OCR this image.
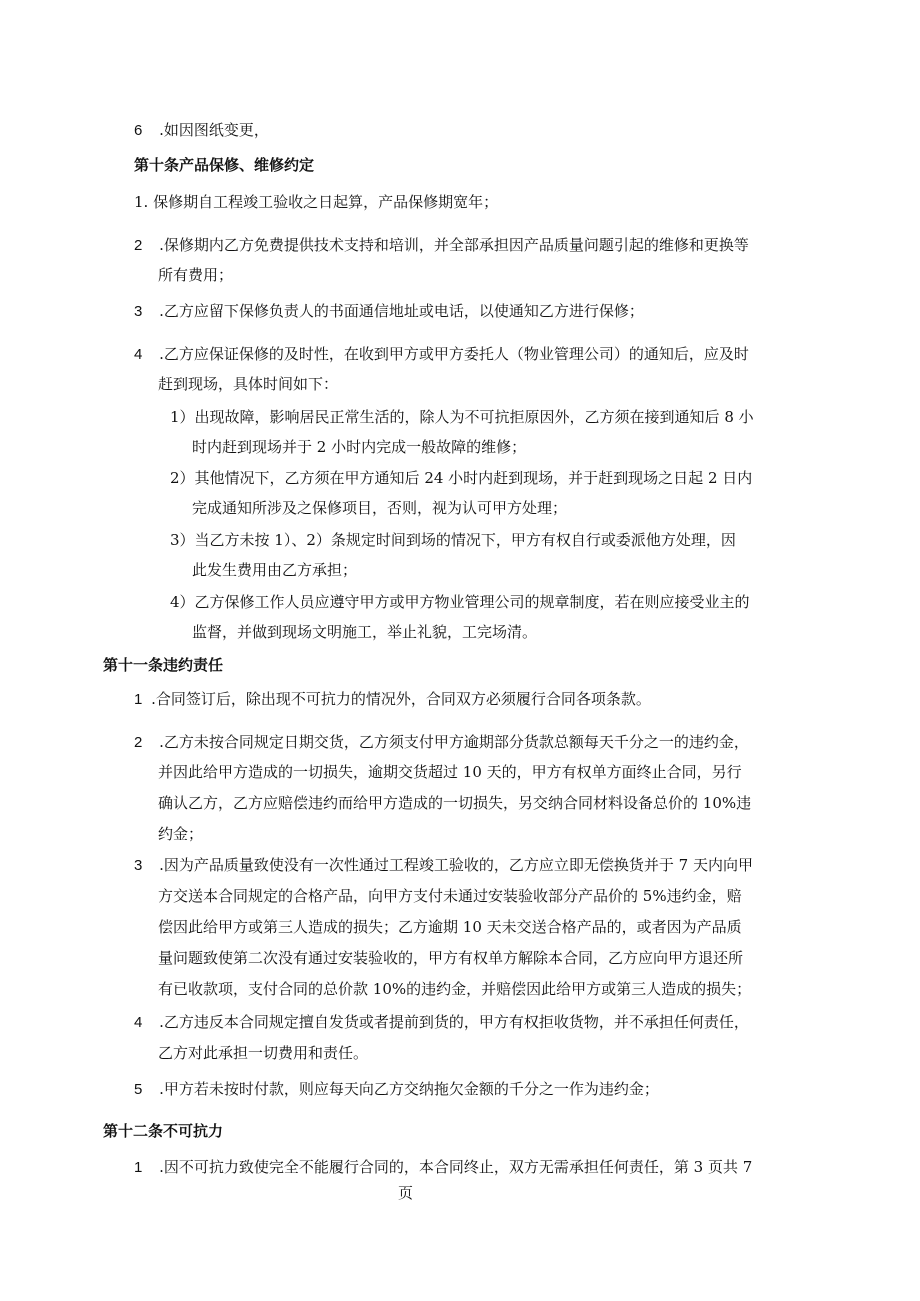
6 .如因图纸变更，
第十条产品保修、维修约定
1. 保修期自工程竣工验收之日起算，产品保修期宽年；
2 .保修期内乙方免费提供技术支持和培训，并全部承担因产品质量问题引起的维修和更换等
所有费用；
3 .乙方应留下保修负责人的书面通信地址或电话，以使通知乙方进行保修；
4 .乙方应保证保修的及时性，在收到甲方或甲方委托人（物业管理公司）的通知后，应及时
赶到现场，具体时间如下：
1）出现故障，影响居民正常生活的，除人为不可抗拒原因外，乙方须在接到通知后 8 小
时内赶到现场并于 2 小时内完成一般故障的维修；
2）其他情况下，乙方须在甲方通知后 24 小时内赶到现场，并于赶到现场之日起 2 日内
完成通知所涉及之保修项目，否则，视为认可甲方处理；
3）当乙方未按 1）、2）条规定时间到场的情况下，甲方有权自行或委派他方处理，因
此发生费用由乙方承担；
4）乙方保修工作人员应遵守甲方或甲方物业管理公司的规章制度，若在则应接受业主的
监督，并做到现场文明施工，举止礼貌，工完场清。
第十一条违约责任
1 .合同签订后，除出现不可抗力的情况外，合同双方必须履行合同各项条款。
2 .乙方未按合同规定日期交货，乙方须支付甲方逾期部分货款总额每天千分之一的违约金，
并因此给甲方造成的一切损失，逾期交货超过 10 天的，甲方有权单方面终止合同，另行
确认乙方，乙方应赔偿违约而给甲方造成的一切损失，另交纳合同材料设备总价的 10%违
约金；
3 .因为产品质量致使没有一次性通过工程竣工验收的，乙方应立即无偿换货并于 7 天内向甲
方交送本合同规定的合格产品，向甲方支付未通过安装验收部分产品价的 5%违约金，赔
偿因此给甲方或第三人造成的损失；乙方逾期 10 天未交送合格产品的，或者因为产品质
量问题致使第二次没有通过安装验收的，甲方有权单方解除本合同，乙方应向甲方退还所
有已收款项，支付合同的总价款 10%的违约金，并赔偿因此给甲方或第三人造成的损失；
4 .乙方违反本合同规定擅自发货或者提前到货的，甲方有权拒收货物，并不承担任何责任，
乙方对此承担一切费用和责任。
5 .甲方若未按时付款，则应每天向乙方交纳拖欠金额的千分之一作为违约金；
第十二条不可抗力
1 .因不可抗力致使完全不能履行合同的，本合同终止，双方无需承担任何责任，第 3 页共 7
页
